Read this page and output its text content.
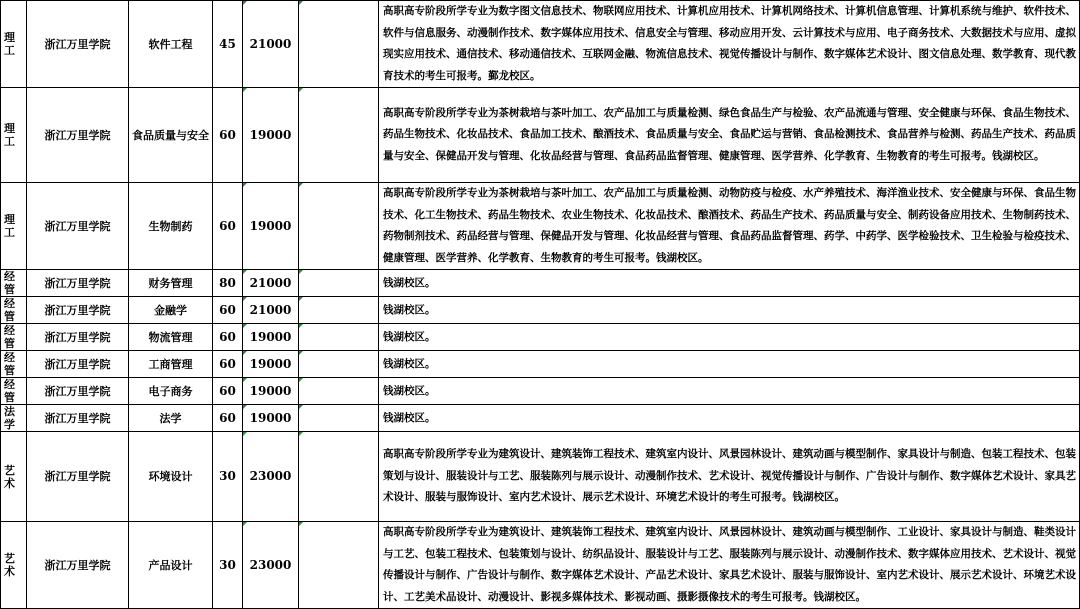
理工	浙江万里学院	软件工程	45	21000		高职高专阶段所学专业为数字图文信息技术、物联网应用技术、计算机应用技术、计算机网络技术、计算机信息管理、计算机系统与维护、软件技术、软件与信息服务、动漫制作技术、数字媒体应用技术、信息安全与管理、移动应用开发、云计算技术与应用、电子商务技术、大数据技术与应用、虚拟现实应用技术、通信技术、移动通信技术、互联网金融、物流信息技术、视觉传播设计与制作、数字媒体艺术设计、图文信息处理、数学教育、现代教育技术的考生可报考。鄞龙校区。
理工	浙江万里学院	食品质量与安全	60	19000		高职高专阶段所学专业为茶树栽培与茶叶加工、农产品加工与质量检测、绿色食品生产与检验、农产品流通与管理、安全健康与环保、食品生物技术、药品生物技术、化妆品技术、食品加工技术、酿酒技术、食品质量与安全、食品贮运与营销、食品检测技术、食品营养与检测、药品生产技术、药品质量与安全、保健品开发与管理、化妆品经营与管理、食品药品监督管理、健康管理、医学营养、化学教育、生物教育的考生可报考。钱湖校区。
理工	浙江万里学院	生物制药	60	19000		高职高专阶段所学专业为茶树栽培与茶叶加工、农产品加工与质量检测、动物防疫与检疫、水产养殖技术、海洋渔业技术、安全健康与环保、食品生物技术、化工生物技术、药品生物技术、农业生物技术、化妆品技术、酿酒技术、药品生产技术、药品质量与安全、制药设备应用技术、生物制药技术、药物制剂技术、药品经营与管理、保健品开发与管理、化妆品经营与管理、食品药品监督管理、药学、中药学、医学检验技术、卫生检验与检疫技术、健康管理、医学营养、化学教育、生物教育的考生可报考。钱湖校区。
经管	浙江万里学院	财务管理	80	21000		钱湖校区。
经管	浙江万里学院	金融学	60	21000		钱湖校区。
经管	浙江万里学院	物流管理	60	19000		钱湖校区。
经管	浙江万里学院	工商管理	60	19000		钱湖校区。
经管	浙江万里学院	电子商务	60	19000		钱湖校区。
法学	浙江万里学院	法学	60	19000		钱湖校区。
艺术	浙江万里学院	环境设计	30	23000		高职高专阶段所学专业为建筑设计、建筑装饰工程技术、建筑室内设计、风景园林设计、建筑动画与模型制作、家具设计与制造、包装工程技术、包装策划与设计、服装设计与工艺、服装陈列与展示设计、动漫制作技术、艺术设计、视觉传播设计与制作、广告设计与制作、数字媒体艺术设计、家具艺术设计、服装与服饰设计、室内艺术设计、展示艺术设计、环境艺术设计的考生可报考。钱湖校区。
艺术	浙江万里学院	产品设计	30	23000		高职高专阶段所学专业为建筑设计、建筑装饰工程技术、建筑室内设计、风景园林设计、建筑动画与模型制作、工业设计、家具设计与制造、鞋类设计与工艺、包装工程技术、包装策划与设计、纺织品设计、服装设计与工艺、服装陈列与展示设计、动漫制作技术、数字媒体应用技术、艺术设计、视觉传播设计与制作、广告设计与制作、数字媒体艺术设计、产品艺术设计、家具艺术设计、服装与服饰设计、室内艺术设计、展示艺术设计、环境艺术设计、工艺美术品设计、动漫设计、影视多媒体技术、影视动画、摄影摄像技术的考生可报考。钱湖校区。
